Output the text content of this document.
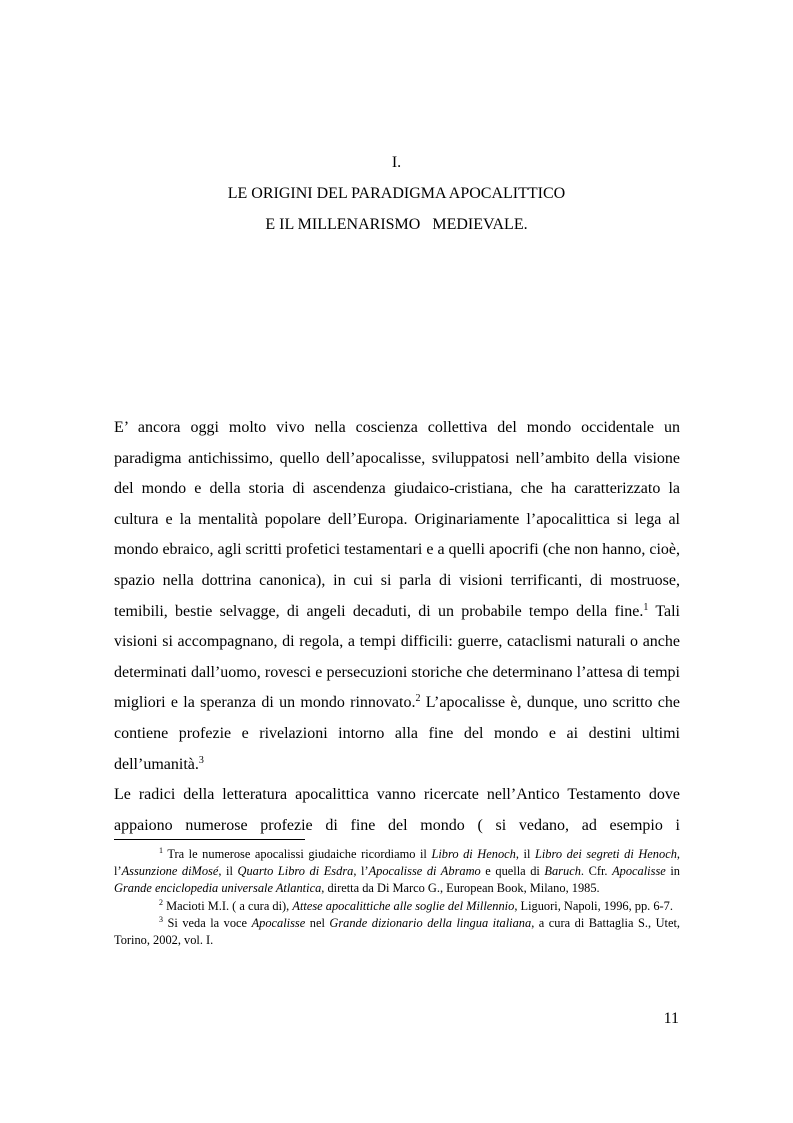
I.
LE ORIGINI DEL PARADIGMA APOCALITTICO
E IL MILLENARISMO   MEDIEVALE.

E’ ancora oggi molto vivo nella coscienza collettiva del mondo occidentale un paradigma antichissimo, quello dell’apocalisse, sviluppatosi nell’ambito della visione del mondo e della storia di ascendenza giudaico-cristiana, che ha caratterizzato la cultura e la mentalità popolare dell’Europa. Originariamente l’apocalittica si lega al mondo ebraico, agli scritti profetici testamentari e a quelli apocrifi (che non hanno, cioè, spazio nella dottrina canonica), in cui si parla di visioni terrificanti, di mostruose, temibili, bestie selvagge, di angeli decaduti, di un probabile tempo della fine.$^1$ Tali visioni si accompagnano, di regola, a tempi difficili: guerre, cataclismi naturali o anche determinati dall’uomo, rovesci e persecuzioni storiche che determinano l’attesa di tempi migliori e la speranza di un mondo rinnovato.$^2$ L’apocalisse è, dunque, uno scritto che contiene profezie e rivelazioni intorno alla fine del mondo e ai destini ultimi dell’umanità.$^3$

Le radici della letteratura apocalittica vanno ricercate nell’Antico Testamento dove appaiono numerose profezie di fine del mondo ( si vedano, ad esempio i

$^1$ Tra le numerose apocalissi giudaiche ricordiamo il Libro di Henoch, il Libro dei segreti di Henoch, l’Assunzione diMosé, il Quarto Libro di Esdra, l’Apocalisse di Abramo e quella di Baruch. Cfr. Apocalisse in Grande enciclopedia universale Atlantica, diretta da Di Marco G., European Book, Milano, 1985.

$^2$ Macioti M.I. ( a cura di), Attese apocalittiche alle soglie del Millennio, Liguori, Napoli, 1996, pp. 6-7.

$^3$ Si veda la voce Apocalisse nel Grande dizionario della lingua italiana, a cura di Battaglia S., Utet, Torino, 2002, vol. I.

11
